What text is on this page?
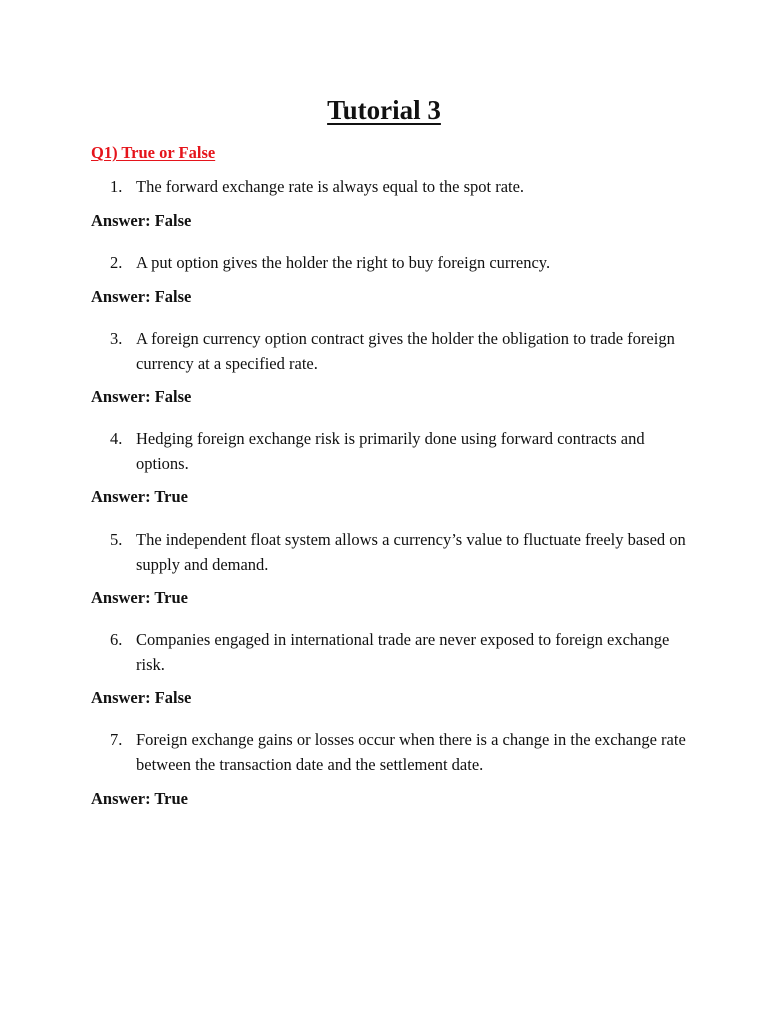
Tutorial 3
Q1) True or False
1. The forward exchange rate is always equal to the spot rate.
Answer: False
2. A put option gives the holder the right to buy foreign currency.
Answer: False
3. A foreign currency option contract gives the holder the obligation to trade foreign currency at a specified rate.
Answer: False
4. Hedging foreign exchange risk is primarily done using forward contracts and options.
Answer: True
5. The independent float system allows a currency’s value to fluctuate freely based on supply and demand.
Answer: True
6. Companies engaged in international trade are never exposed to foreign exchange risk.
Answer: False
7. Foreign exchange gains or losses occur when there is a change in the exchange rate between the transaction date and the settlement date.
Answer: True
